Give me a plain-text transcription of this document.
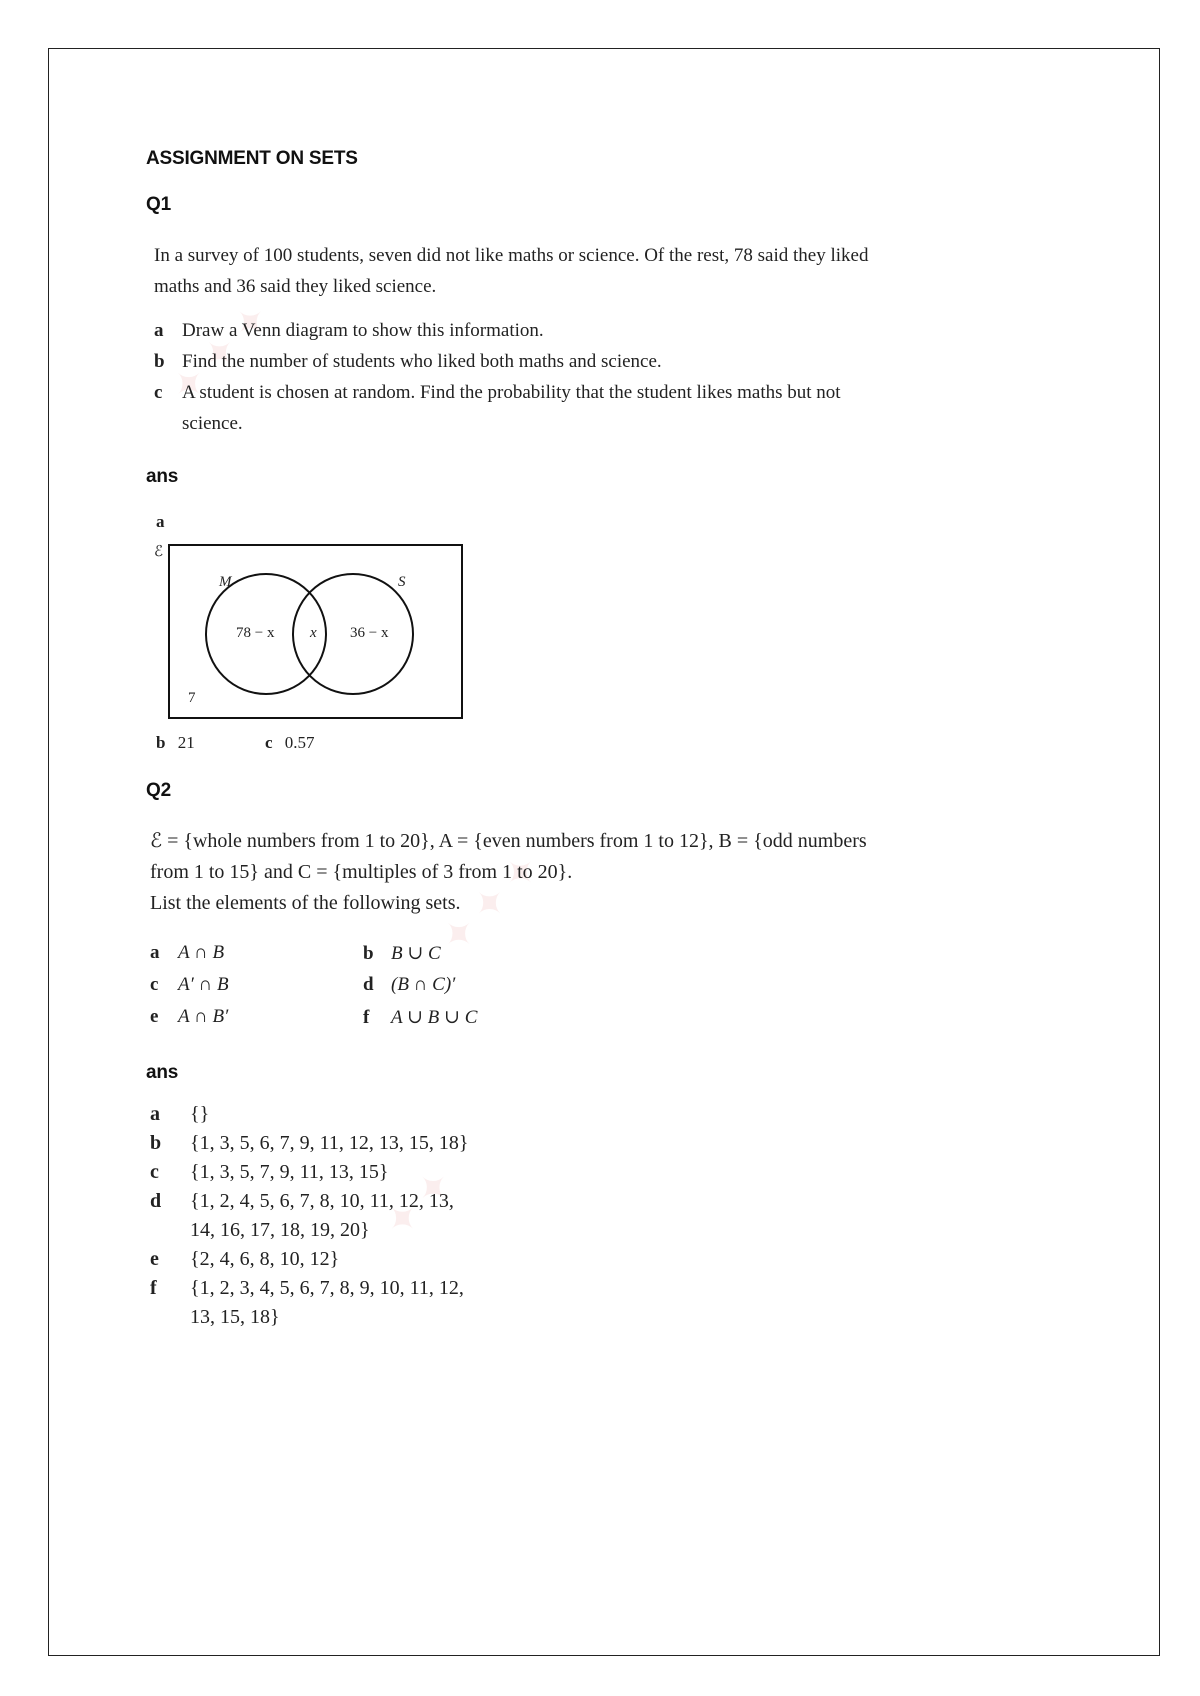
✦ ✦ ✦
✦ ✦ ✦
✦ ✦
ASSIGNMENT ON SETS
Q1
In a survey of 100 students, seven did not like maths or science. Of the rest, 78 said they liked
maths and 36 said they liked science.
a Draw a Venn diagram to show this information.
b Find the number of students who liked both maths and science.
c A student is chosen at random. Find the probability that the student likes maths but not
science.
ans
a
ℰ
M	S
78 − x x 36 − x
7
b 21	c 0.57
Q2
ℰ = {whole numbers from 1 to 20}, A = {even numbers from 1 to 12}, B = {odd numbers
from 1 to 15} and C = {multiples of 3 from 1 to 20}.
List the elements of the following sets.
a A ∩ B	b B ∪ C
c A′ ∩ B	d (B ∩ C)′
e A ∩ B′	f A ∪ B ∪ C
ans
a {}
b {1, 3, 5, 6, 7, 9, 11, 12, 13, 15, 18}
c {1, 3, 5, 7, 9, 11, 13, 15}
d {1, 2, 4, 5, 6, 7, 8, 10, 11, 12, 13,
14, 16, 17, 18, 19, 20}
e {2, 4, 6, 8, 10, 12}
f {1, 2, 3, 4, 5, 6, 7, 8, 9, 10, 11, 12,
13, 15, 18}
